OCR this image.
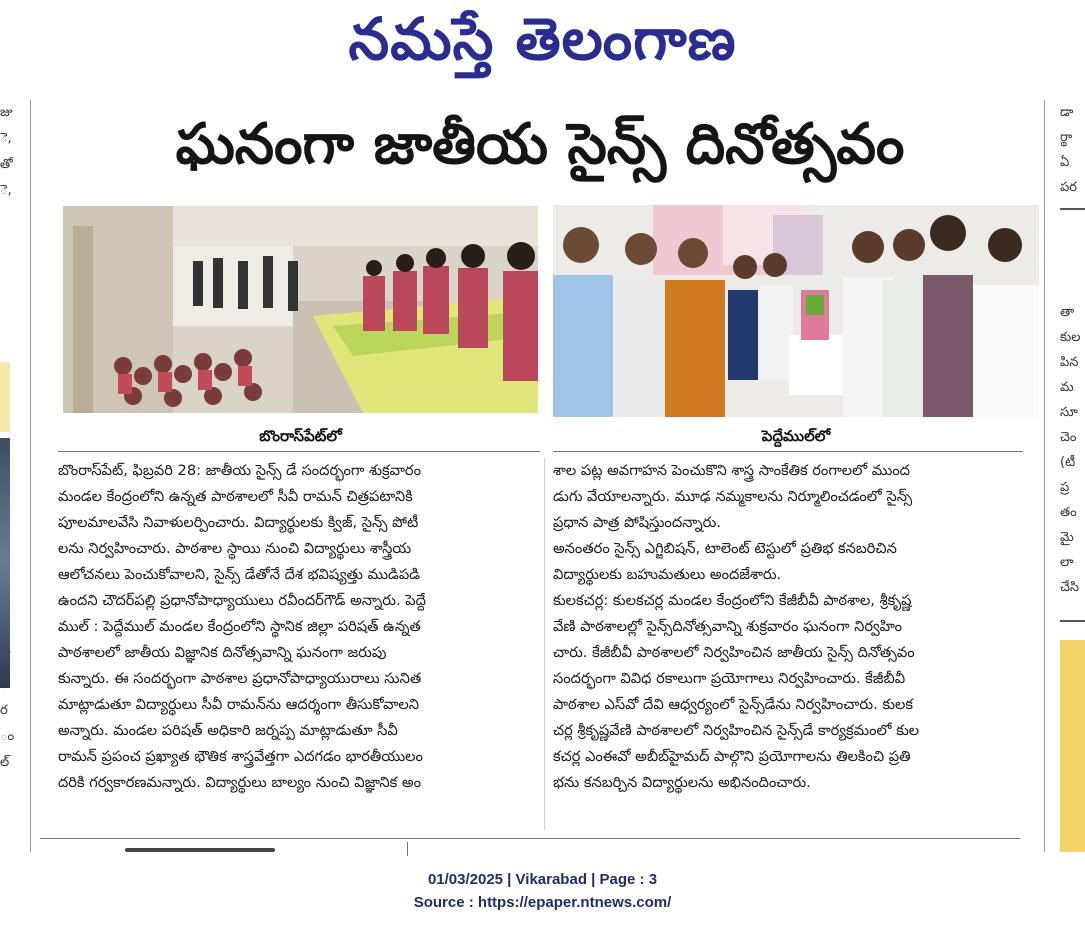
నమస్తే తెలంగాణ
జు
ె,
తో
ె,
ర
ం
ల్
డా
ర్థా
ఏ
పర
తా
కుల
పిన
మ
సూ
చెం
(టీ
ప్ర
తం
మై
లా
చేసి
ఘనంగా జాతీయ సైన్స్ దినోత్సవం
బొంరాస్‌పేట్‌లో	పెద్దేముల్‌లో
బొంరాస్‌పేట్, ఫిబ్రవరి 28: జాతీయ సైన్స్ డే సందర్భంగా శుక్రవారం
మండల కేంద్రంలోని ఉన్నత పాఠశాలలో సీవీ రామన్ చిత్రపటానికి
పూలమాలవేసి నివాళులర్పించారు. విద్యార్థులకు క్విజ్, సైన్స్ పోటీ
లను నిర్వహించారు. పాఠశాల స్థాయి నుంచి విద్యార్థులు శాస్త్రీయ
ఆలోచనలు పెంచుకోవాలని, సైన్స్ డేతోనే దేశ భవిష్యత్తు ముడిపడి
ఉందని చౌదర్‌పల్లి ప్రధానోపాధ్యాయులు రవీందర్‌గౌడ్ అన్నారు. పెద్దే
ముల్ : పెద్దేముల్ మండల కేంద్రంలోని స్థానిక జిల్లా పరిషత్ ఉన్నత
పాఠశాలలో జాతీయ విజ్ఞానిక దినోత్సవాన్ని ఘనంగా జరుపు
కున్నారు. ఈ సందర్భంగా పాఠశాల ప్రధానోపాధ్యాయురాలు సునిత
మాట్లాడుతూ విద్యార్థులు సీవీ రామన్‌ను ఆదర్శంగా తీసుకోవాలని
అన్నారు. మండల పరిషత్ అధికారి జర్నప్ప మాట్లాడుతూ సీవీ
రామన్ ప్రపంచ ప్రఖ్యాత భౌతిక శాస్త్రవేత్తగా ఎదగడం భారతీయులం
దరికి గర్వకారణమన్నారు. విద్యార్థులు బాల్యం నుంచి విజ్ఞానిక అం
శాల పట్ల అవగాహన పెంచుకొని శాస్త్ర సాంకేతిక రంగాలలో ముంద
డుగు వేయాలన్నారు. మూఢ నమ్మకాలను నిర్మూలించడంలో సైన్స్
ప్రధాన పాత్ర పోషిస్తుందన్నారు.
అనంతరం సైన్స్ ఎగ్జిబిషన్, టాలెంట్ టెస్టులో ప్రతిభ కనబరిచిన
విద్యార్థులకు బహుమతులు అందజేశారు.
కులకచర్ల: కులకచర్ల మండల కేంద్రంలోని కేజీబీవీ పాఠశాల, శ్రీకృష్ణ
వేణి పాఠశాలల్లో సైన్స్‌దినోత్సవాన్ని శుక్రవారం ఘనంగా నిర్వహిం
చారు. కేజీబీవీ పాఠశాలలో నిర్వహించిన జాతీయ సైన్స్ దినోత్సవం
సందర్భంగా వివిధ రకాలుగా ప్రయోగాలు నిర్వహించారు. కేజీబీవీ
పాఠశాల ఎస్‌వో దేవి ఆధ్వర్యంలో సైన్స్‌డేను నిర్వహించారు. కులక
చర్ల శ్రీకృష్ణవేణి పాఠశాలలో నిర్వహించిన సైన్స్‌డే కార్యక్రమంలో కుల
కచర్ల ఎంఈవో అబీబ్‌హైమద్ పాల్గొని ప్రయోగాలను తిలకించి ప్రతి
భను కనబర్చిన విద్యార్థులను అభినందించారు.
01/03/2025 | Vikarabad | Page : 3
Source : https://epaper.ntnews.com/
